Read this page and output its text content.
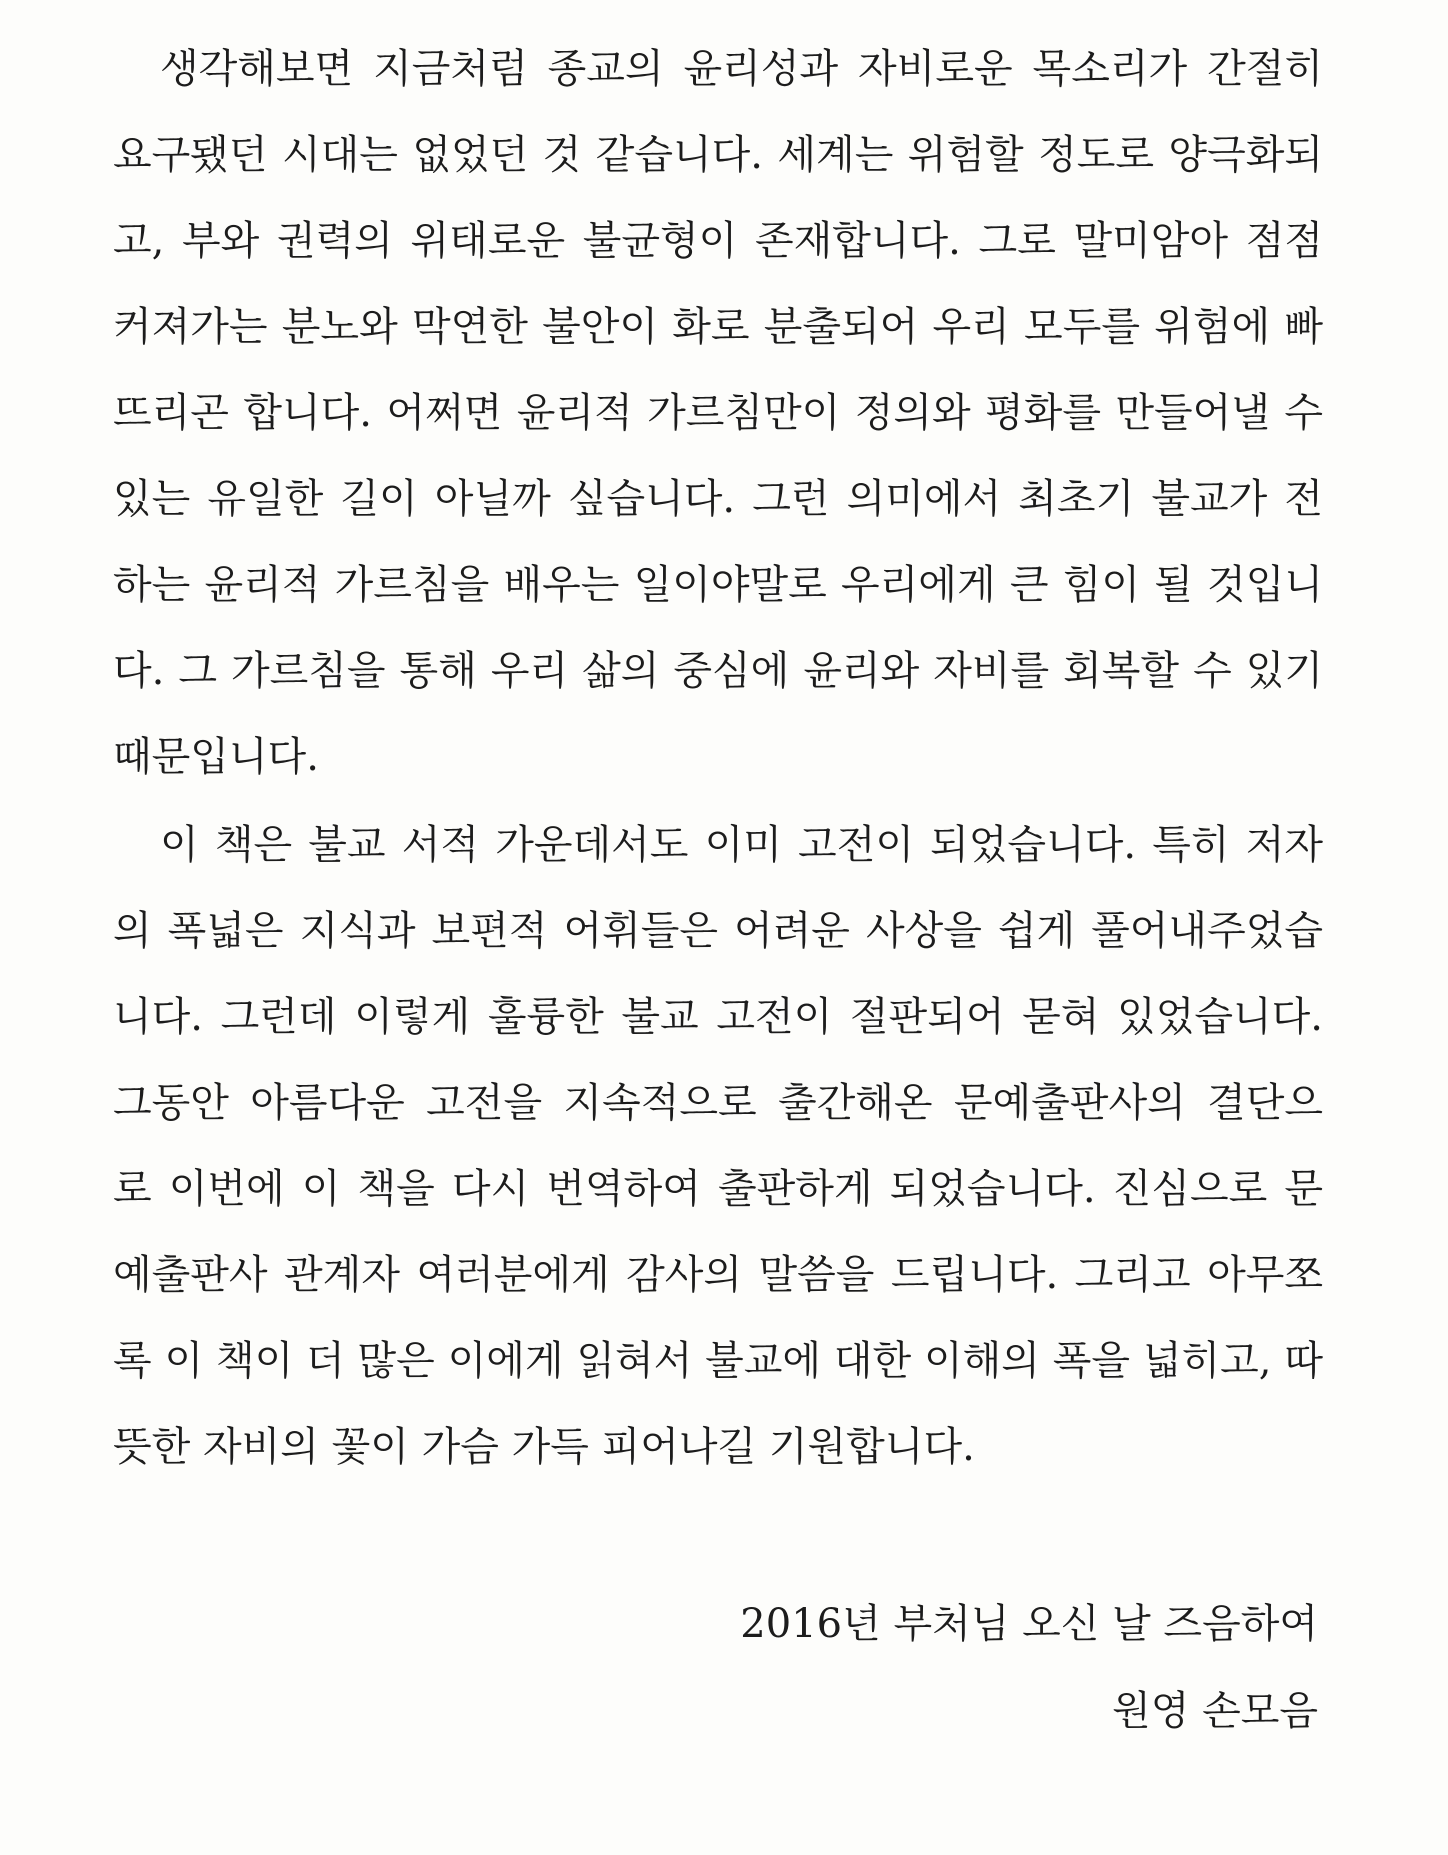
생각해보면 지금처럼 종교의 윤리성과 자비로운 목소리가 간절히
요구됐던 시대는 없었던 것 같습니다. 세계는 위험할 정도로 양극화되
고, 부와 권력의 위태로운 불균형이 존재합니다. 그로 말미암아 점점
커져가는 분노와 막연한 불안이 화로 분출되어 우리 모두를 위험에 빠
뜨리곤 합니다. 어쩌면 윤리적 가르침만이 정의와 평화를 만들어낼 수
있는 유일한 길이 아닐까 싶습니다. 그런 의미에서 최초기 불교가 전
하는 윤리적 가르침을 배우는 일이야말로 우리에게 큰 힘이 될 것입니
다. 그 가르침을 통해 우리 삶의 중심에 윤리와 자비를 회복할 수 있기
때문입니다.
이 책은 불교 서적 가운데서도 이미 고전이 되었습니다. 특히 저자
의 폭넓은 지식과 보편적 어휘들은 어려운 사상을 쉽게 풀어내주었습
니다. 그런데 이렇게 훌륭한 불교 고전이 절판되어 묻혀 있었습니다.
그동안 아름다운 고전을 지속적으로 출간해온 문예출판사의 결단으
로 이번에 이 책을 다시 번역하여 출판하게 되었습니다. 진심으로 문
예출판사 관계자 여러분에게 감사의 말씀을 드립니다. 그리고 아무쪼
록 이 책이 더 많은 이에게 읽혀서 불교에 대한 이해의 폭을 넓히고, 따
뜻한 자비의 꽃이 가슴 가득 피어나길 기원합니다.
2016년 부처님 오신 날 즈음하여
원영 손모음
